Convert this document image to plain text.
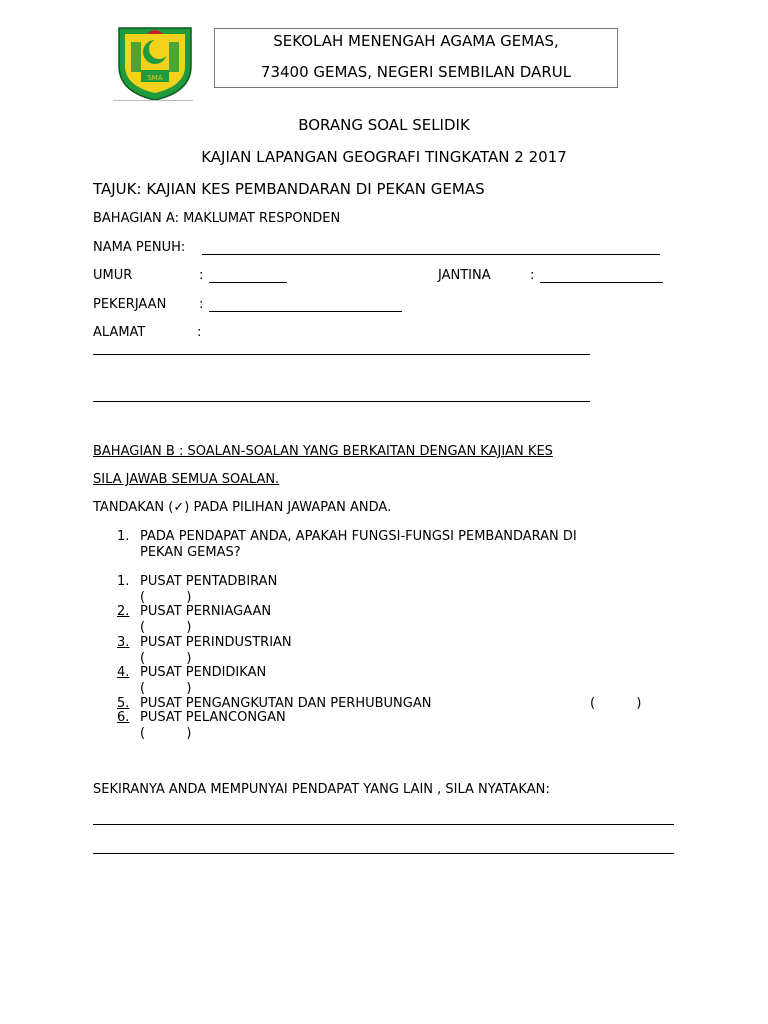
SMA
SEKOLAH MENENGAH AGAMA GEMAS,
73400 GEMAS, NEGERI SEMBILAN DARUL
BORANG SOAL SELIDIK
KAJIAN LAPANGAN GEOGRAFI TINGKATAN 2 2017
TAJUK: KAJIAN KES PEMBANDARAN DI PEKAN GEMAS
BAHAGIAN A: MAKLUMAT RESPONDEN
NAMA PENUH:
UMUR	:	JANTINA	:
PEKERJAAN	:
ALAMAT	:
BAHAGIAN B : SOALAN-SOALAN YANG BERKAITAN DENGAN KAJIAN KES
SILA JAWAB SEMUA SOALAN.
TANDAKAN (✓) PADA PILIHAN JAWAPAN ANDA.
1. PADA PENDAPAT ANDA, APAKAH FUNGSI-FUNGSI PEMBANDARAN DI
PEKAN GEMAS?
1. PUSAT PENTADBIRAN
(          )
2. PUSAT PERNIAGAAN
(          )
3. PUSAT PERINDUSTRIAN
(          )
4. PUSAT PENDIDIKAN
(          )
5. PUSAT PENGANGKUTAN DAN PERHUBUNGAN	(          )
6. PUSAT PELANCONGAN
(          )
SEKIRANYA ANDA MEMPUNYAI PENDAPAT YANG LAIN , SILA NYATAKAN:
